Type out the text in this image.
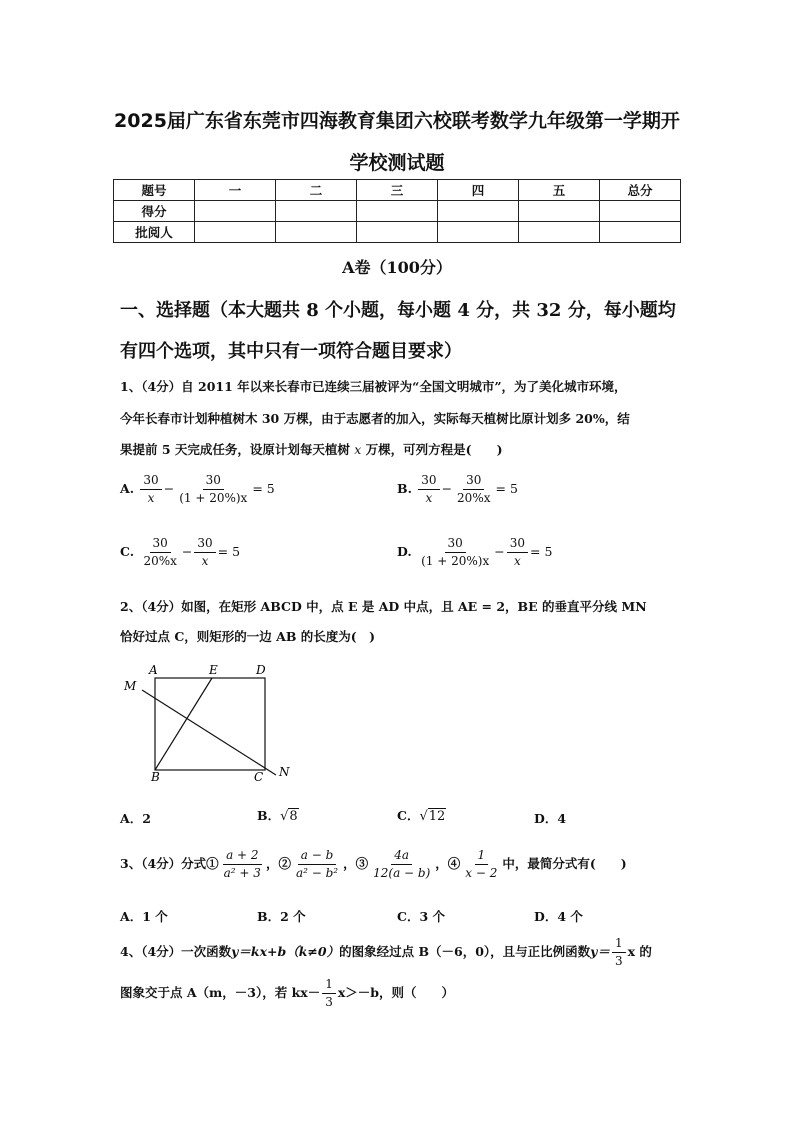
2025届广东省东莞市四海教育集团六校联考数学九年级第一学期开
学校测试题
题号	一	二	三	四	五	总分
得分						
批阅人						
A卷（100分）
一、选择题（本大题共 8 个小题，每小题 4 分，共 32 分，每小题均
有四个选项，其中只有一项符合题目要求）
1、（4分）自 2011 年以来长春市已连续三届被评为“全国文明城市”，为了美化城市环境，
今年长春市计划种植树木 30 万棵，由于志愿者的加入，实际每天植树比原计划多 20%，结
果提前 5 天完成任务，设原计划每天植树 x 万棵，可列方程是(　　)
A. $\frac{30}{x} - \frac{30}{(1 + 20\%)x} = 5$	B. $\frac{30}{x} - \frac{30}{20\%x} = 5$
C. $\frac{30}{20\%x} - \frac{30}{x} = 5$	D. $\frac{30}{(1 + 20\%)x} - \frac{30}{x} = 5$
2、（4分）如图，在矩形 ABCD 中，点 E 是 AD 中点，且 AE = 2，BE 的垂直平分线 MN
恰好过点 C，则矩形的一边 AB 的长度为(　)
A	E	D
M
B	C N
A．2	B．√8	C．√12	D．4
3、（4分）分式① $\frac{a + 2}{\text{a² + 3}}$ ，② $\frac{a - b}{\text{a² − b²}}$ ，③ $\frac{4a}{12(a - b)}$ ，④ $\frac{1}{x - 2}$ 中，最简分式有(　　)
A．1 个	B．2 个	C．3 个	D．4 个
4、（4分）一次函数y＝kx+b（k≠0）的图象经过点 B（－6，0），且与正比例函数$y= \frac{1}{3}$ x 的
图象交于点 A（m，－3），若 $kx- \frac{1}{3} x>-b$，则（　　）
